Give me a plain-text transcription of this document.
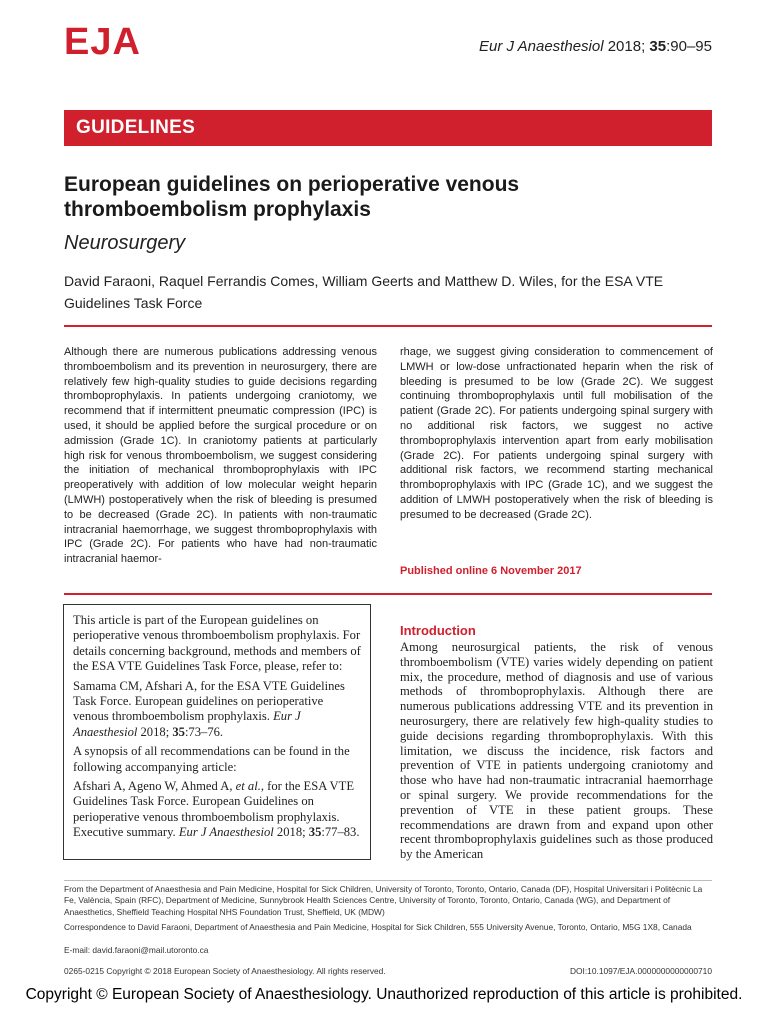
EJA	Eur J Anaesthesiol 2018; 35:90–95
GUIDELINES
European guidelines on perioperative venous thromboembolism prophylaxis
Neurosurgery
David Faraoni, Raquel Ferrandis Comes, William Geerts and Matthew D. Wiles, for the ESA VTE Guidelines Task Force
Although there are numerous publications addressing venous thromboembolism and its prevention in neurosurgery, there are relatively few high-quality studies to guide decisions regarding thromboprophylaxis. In patients undergoing craniotomy, we recommend that if intermittent pneumatic compression (IPC) is used, it should be applied before the surgical procedure or on admission (Grade 1C). In craniotomy patients at particularly high risk for venous thromboembolism, we suggest considering the initiation of mechanical thromboprophylaxis with IPC preoperatively with addition of low molecular weight heparin (LMWH) postoperatively when the risk of bleeding is presumed to be decreased (Grade 2C). In patients with non-traumatic intracranial haemorrhage, we suggest thromboprophylaxis with IPC (Grade 2C). For patients who have had non-traumatic intracranial haemor-
rhage, we suggest giving consideration to commencement of LMWH or low-dose unfractionated heparin when the risk of bleeding is presumed to be low (Grade 2C). We suggest continuing thromboprophylaxis until full mobilisation of the patient (Grade 2C). For patients undergoing spinal surgery with no additional risk factors, we suggest no active thromboprophylaxis intervention apart from early mobilisation (Grade 2C). For patients undergoing spinal surgery with additional risk factors, we recommend starting mechanical thromboprophylaxis with IPC (Grade 1C), and we suggest the addition of LMWH postoperatively when the risk of bleeding is presumed to be decreased (Grade 2C).
Published online 6 November 2017

This article is part of the European guidelines on perioperative venous thromboembolism prophylaxis. For details concerning background, methods and members of the ESA VTE Guidelines Task Force, please, refer to:

Samama CM, Afshari A, for the ESA VTE Guidelines Task Force. European guidelines on perioperative venous thromboembolism prophylaxis. Eur J Anaesthesiol 2018; 35:73–76.

A synopsis of all recommendations can be found in the following accompanying article:

Afshari A, Ageno W, Ahmed A, et al., for the ESA VTE Guidelines Task Force. European Guidelines on perioperative venous thromboembolism prophylaxis. Executive summary. Eur J Anaesthesiol 2018; 35:77–83.

Introduction
Among neurosurgical patients, the risk of venous thromboembolism (VTE) varies widely depending on patient mix, the procedure, method of diagnosis and use of various methods of thromboprophylaxis. Although there are numerous publications addressing VTE and its prevention in neurosurgery, there are relatively few high-quality studies to guide decisions regarding thromboprophylaxis. With this limitation, we discuss the incidence, risk factors and prevention of VTE in patients undergoing craniotomy and those who have had non-traumatic intracranial haemorrhage or spinal surgery. We provide recommendations for the prevention of VTE in these patient groups. These recommendations are drawn from and expand upon other recent thromboprophylaxis guidelines such as those produced by the American
From the Department of Anaesthesia and Pain Medicine, Hospital for Sick Children, University of Toronto, Toronto, Ontario, Canada (DF), Hospital Universitari i Politècnic La Fe, València, Spain (RFC), Department of Medicine, Sunnybrook Health Sciences Centre, University of Toronto, Toronto, Ontario, Canada (WG), and Department of Anaesthetics, Sheffield Teaching Hospital NHS Foundation Trust, Sheffield, UK (MDW)
Correspondence to David Faraoni, Department of Anaesthesia and Pain Medicine, Hospital for Sick Children, 555 University Avenue, Toronto, Ontario, M5G 1X8, Canada
E-mail: david.faraoni@mail.utoronto.ca
0265-0215 Copyright © 2018 European Society of Anaesthesiology. All rights reserved.	DOI:10.1097/EJA.0000000000000710
Copyright © European Society of Anaesthesiology. Unauthorized reproduction of this article is prohibited.
